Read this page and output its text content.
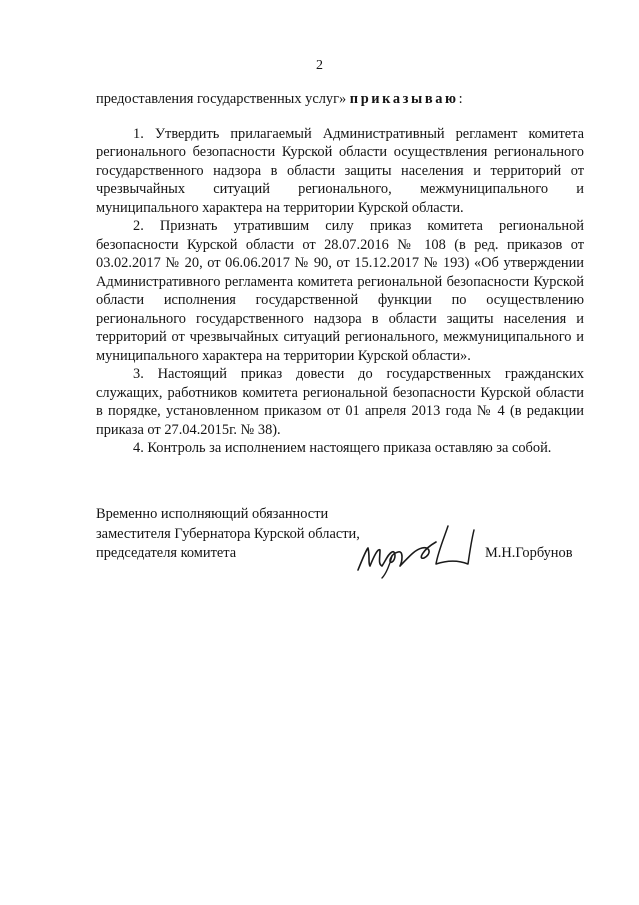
2

предоставления государственных услуг» приказываю:

1. Утвердить прилагаемый Административный регламент комитета регионального безопасности Курской области осуществления регионального государственного надзора в области защиты населения и территорий от чрезвычайных ситуаций регионального, межмуниципального и муниципального характера на территории Курской области.

2. Признать утратившим силу приказ комитета региональной безопасности Курской области от 28.07.2016 № 108 (в ред. приказов от 03.02.2017 № 20, от 06.06.2017 № 90, от 15.12.2017 № 193) «Об утверждении Административного регламента комитета региональной безопасности Курской области исполнения государственной функции по осуществлению регионального государственного надзора в области защиты населения и территорий от чрезвычайных ситуаций регионального, межмуниципального и муниципального характера на территории Курской области».

3. Настоящий приказ довести до государственных гражданских служащих, работников комитета региональной безопасности Курской области в порядке, установленном приказом от 01 апреля 2013 года № 4 (в редакции приказа от 27.04.2015г. № 38).

4. Контроль за исполнением настоящего приказа оставляю за собой.

Временно исполняющий обязанности
заместителя Губернатора Курской области,
председателя комитета	М.Н.Горбунов
